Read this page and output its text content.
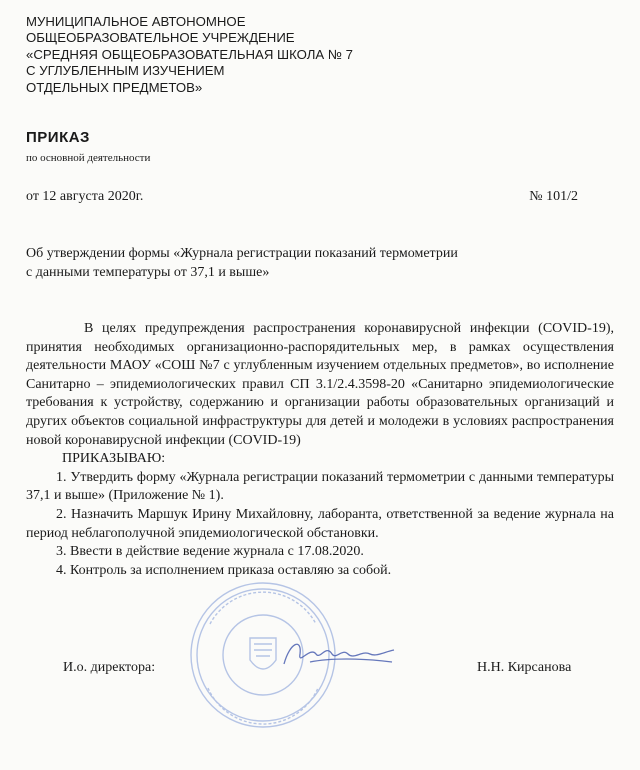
МУНИЦИПАЛЬНОЕ АВТОНОМНОЕ
ОБЩЕОБРАЗОВАТЕЛЬНОЕ УЧРЕЖДЕНИЕ
«СРЕДНЯЯ ОБЩЕОБРАЗОВАТЕЛЬНАЯ ШКОЛА № 7
С УГЛУБЛЕННЫМ ИЗУЧЕНИЕМ
ОТДЕЛЬНЫХ ПРЕДМЕТОВ»
ПРИКАЗ
по основной деятельности
от 12 августа 2020г.	№ 101/2
Об утверждении формы «Журнала регистрации показаний термометрии
с данными температуры от 37,1 и выше»
В целях предупреждения распространения коронавирусной инфекции (COVID-19), принятия необходимых организационно-распорядительных мер, в рамках осуществления деятельности МАОУ «СОШ №7 с углубленным изучением отдельных предметов», во исполнение Санитарно – эпидемиологических правил СП 3.1/2.4.3598-20 «Санитарно эпидемиологические требования к устройству, содержанию и организации работы образовательных организаций и других объектов социальной инфраструктуры для детей и молодежи в условиях распространения новой коронавирусной инфекции (COVID-19)
ПРИКАЗЫВАЮ:
1. Утвердить форму «Журнала регистрации показаний термометрии с данными температуры 37,1 и выше» (Приложение № 1).
2. Назначить Маршук Ирину Михайловну, лаборанта, ответственной за ведение журнала на период неблагополучной эпидемиологической обстановки.
3. Ввести в действие ведение журнала с 17.08.2020.
4. Контроль за исполнением приказа оставляю за собой.
И.о. директора:	Н.Н. Кирсанова
